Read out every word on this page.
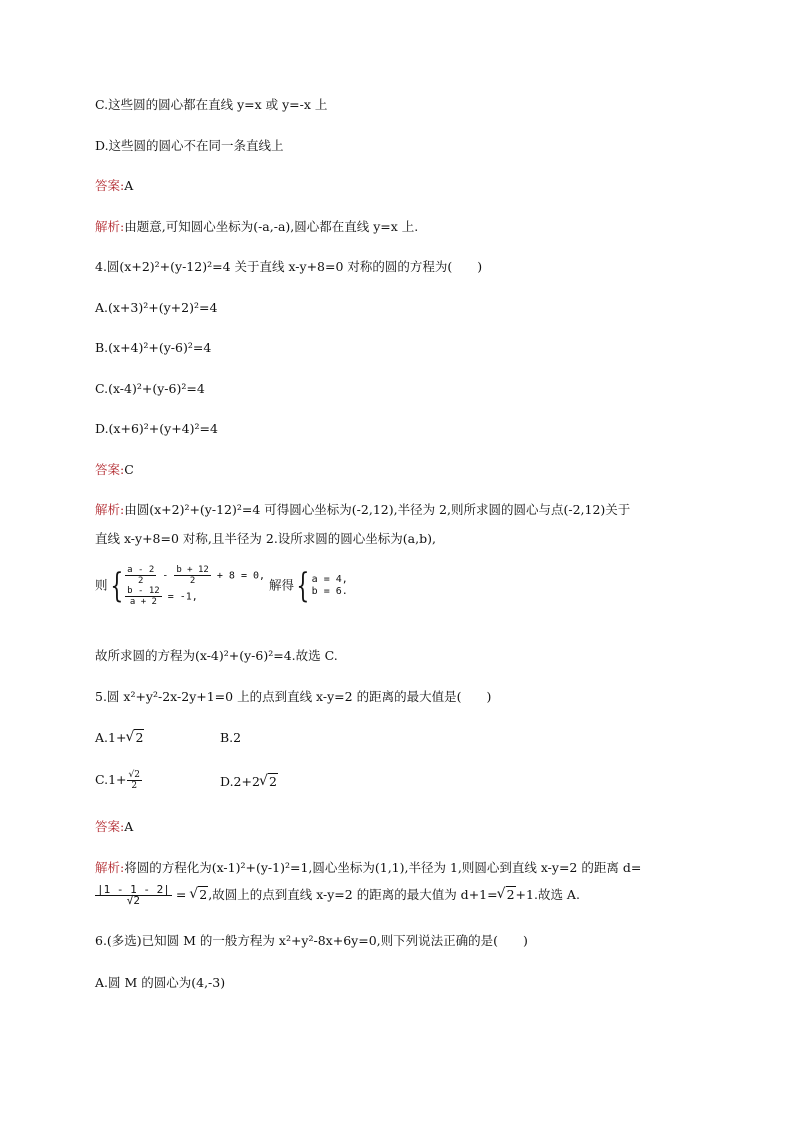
C.这些圆的圆心都在直线 y=x 或 y=-x 上
D.这些圆的圆心不在同一条直线上
答案:A
解析:由题意,可知圆心坐标为(-a,-a),圆心都在直线 y=x 上.
4.圆(x+2)²+(y-12)²=4 关于直线 x-y+8=0 对称的圆的方程为(　　)
A.(x+3)²+(y+2)²=4
B.(x+4)²+(y-6)²=4
C.(x-4)²+(y-6)²=4
D.(x+6)²+(y+4)²=4
答案:C
解析:由圆(x+2)²+(y-12)²=4 可得圆心坐标为(-2,12),半径为 2,则所求圆的圆心与点(-2,12)关于
直线 x-y+8=0 对称,且半径为 2.设所求圆的圆心坐标为(a,b),
则{ $\frac{a - 2}{2} - \frac{b + 12}{2} + 8 = 0$,
$\frac{b - 12}{a + 2} = -1$,
解得{ a = 4,
b = 6.
故所求圆的方程为(x-4)²+(y-6)²=4.故选 C.
5.圆 x²+y²-2x-2y+1=0 上的点到直线 x-y=2 的距离的最大值是(　　)
A.1+ √ 2	B.2
$C.1+ \frac{√2}{2}$	D.2+2 √ 2
答案:A
解析:将圆的方程化为(x-1)²+(y-1)²=1,圆心坐标为(1,1),半径为 1,则圆心到直线 x-y=2 的距离 d=
$\frac{|1 - 1 - 2|}{√2}$ = √ 2,故圆上的点到直线 x-y=2 的距离的最大值为 d+1= √ 2+1.故选 A.
6.(多选)已知圆 M 的一般方程为 x²+y²-8x+6y=0,则下列说法正确的是(　　)
A.圆 M 的圆心为(4,-3)
